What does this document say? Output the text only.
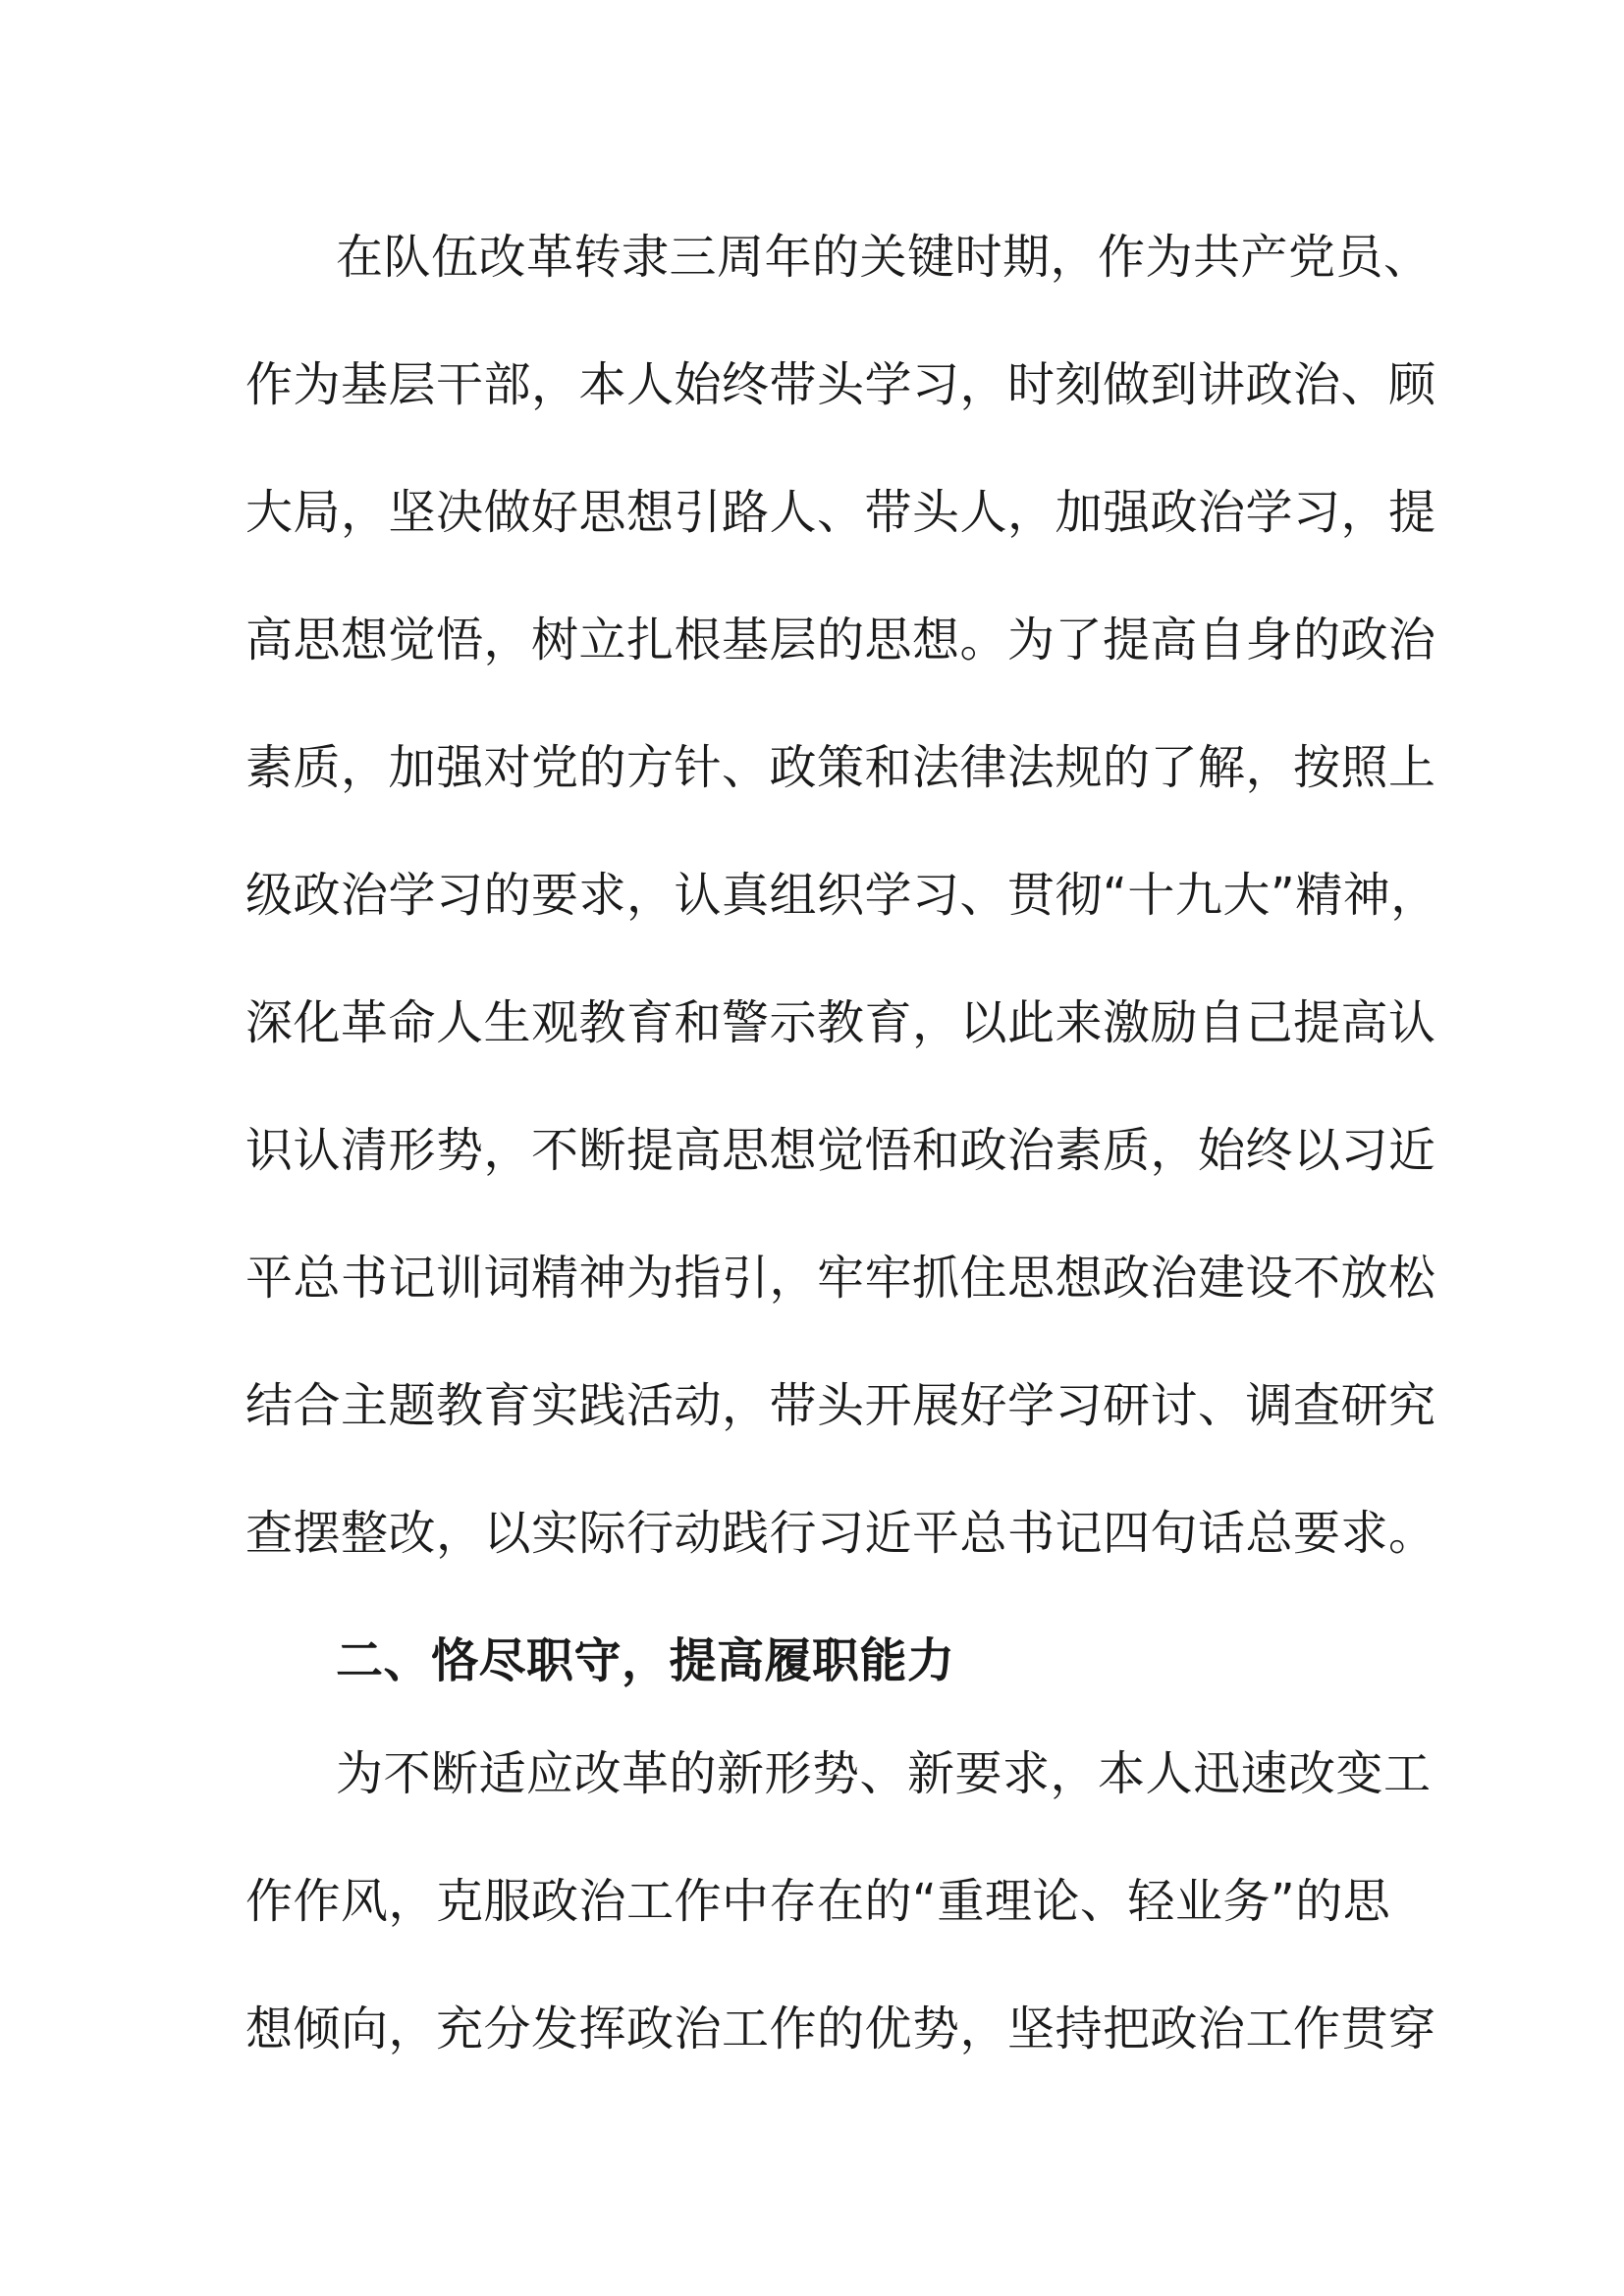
在队伍改革转隶三周年的关键时期，作为共产党员、
作为基层干部，本人始终带头学习，时刻做到讲政治、顾
大局，坚决做好思想引路人、带头人，加强政治学习，提
高思想觉悟，树立扎根基层的思想。为了提高自身的政治
素质，加强对党的方针、政策和法律法规的了解，按照上
级政治学习的要求，认真组织学习、贯彻“十九大”精神，
深化革命人生观教育和警示教育，以此来激励自己提高认
识认清形势，不断提高思想觉悟和政治素质，始终以习近
平总书记训词精神为指引，牢牢抓住思想政治建设不放松
结合主题教育实践活动，带头开展好学习研讨、调查研究
查摆整改，以实际行动践行习近平总书记四句话总要求。
二、恪尽职守，提高履职能力
为不断适应改革的新形势、新要求，本人迅速改变工
作作风，克服政治工作中存在的“重理论、轻业务”的思
想倾向，充分发挥政治工作的优势，坚持把政治工作贯穿
